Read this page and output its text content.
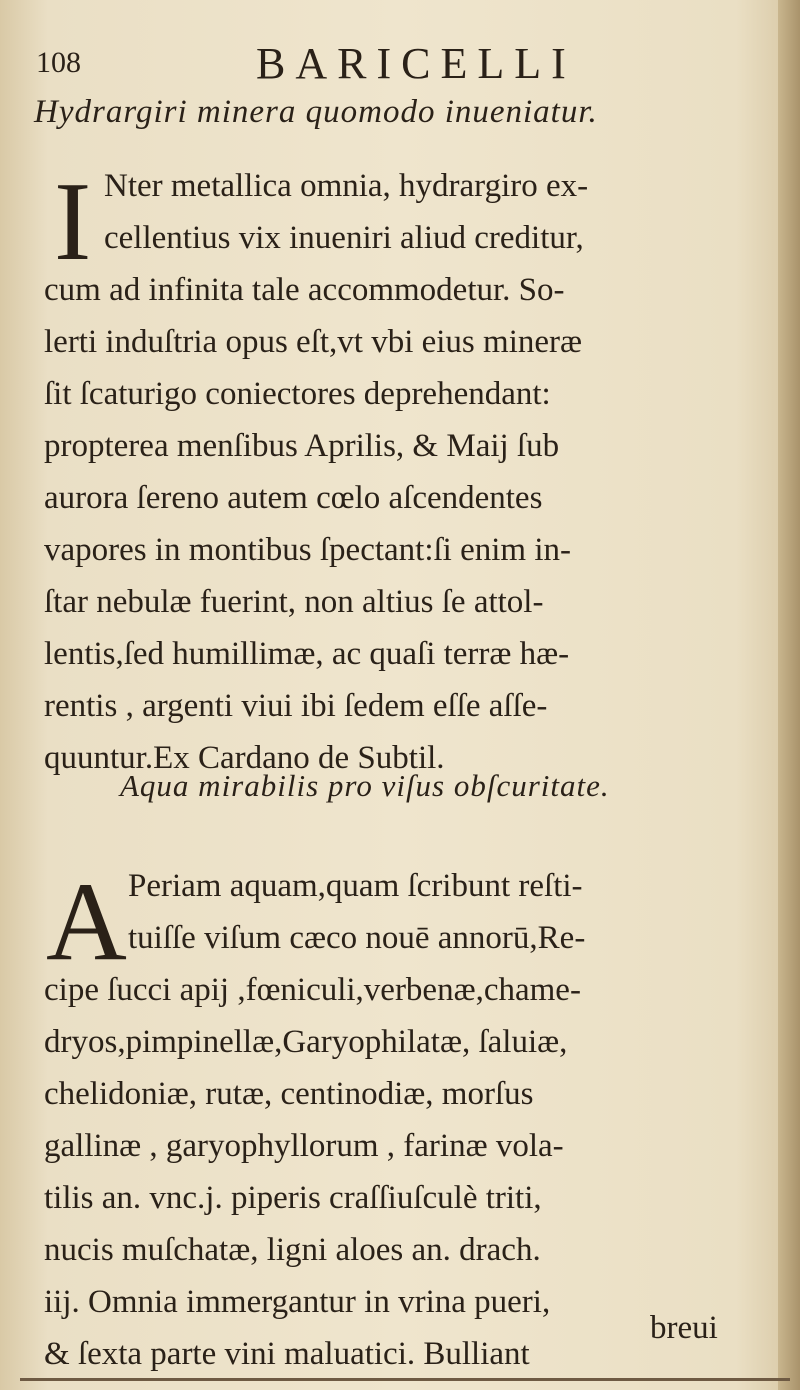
108	BARICELLI
Hydrargiri minera quomodo inueniatur.
I Nter metallica omnia, hydrargiro ex-
cellentius vix inueniri aliud creditur,
cum ad infinita tale accommodetur. So-
lerti induſtria opus eſt,vt vbi eius mineræ
ſit ſcaturigo coniectores deprehendant:
propterea menſibus Aprilis, & Maij ſub
aurora ſereno autem cœlo aſcendentes
vapores in montibus ſpectant:ſi enim in-
ſtar nebulæ fuerint, non altius ſe attol-
lentis,ſed humillimæ, ac quaſi terræ hæ-
rentis , argenti viui ibi ſedem eſſe aſſe-
quuntur.Ex Cardano de Subtil.
Aqua mirabilis pro viſus obſcuritate.
A Periam aquam,quam ſcribunt reſti-
tuiſſe viſum cæco nouē annorū,Re-
cipe ſucci apij ,fœniculi,verbenæ,chame-
dryos,pimpinellæ,Garyophilatæ, ſaluiæ,
chelidoniæ, rutæ, centinodiæ, morſus
gallinæ , garyophyllorum , farinæ vola-
tilis an. vnc.j. piperis craſſiuſculè triti,
nucis muſchatæ, ligni aloes an. drach.
iij. Omnia immergantur in vrina pueri,
& ſexta parte vini maluatici. Bulliant
breui
